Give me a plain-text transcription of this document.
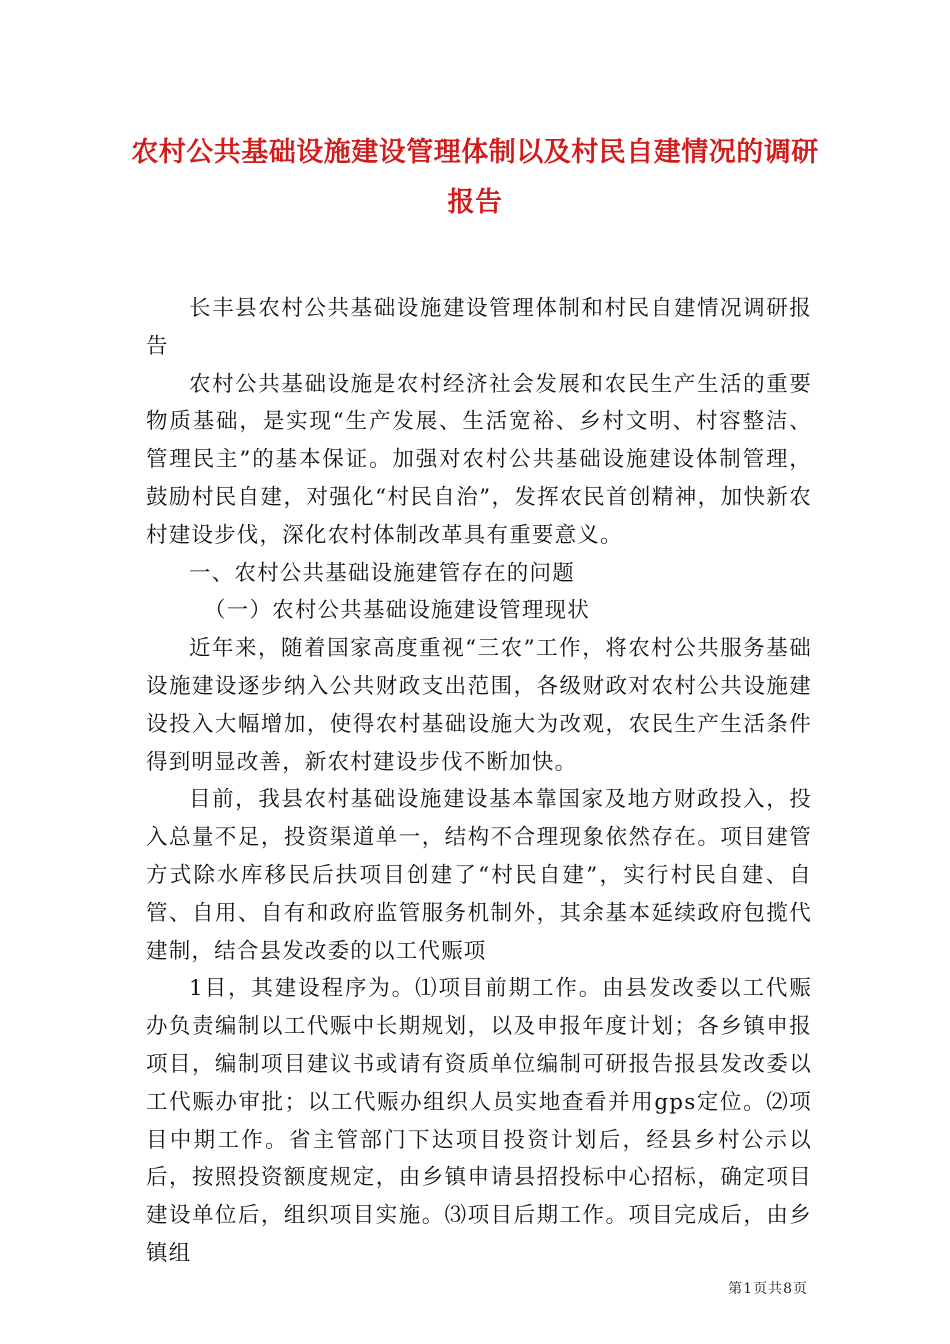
农村公共基础设施建设管理体制以及村民自建情况的调研报告

长丰县农村公共基础设施建设管理体制和村民自建情况调研报告

农村公共基础设施是农村经济社会发展和农民生产生活的重要物质基础，是实现“生产发展、生活宽裕、乡村文明、村容整洁、管理民主”的基本保证。加强对农村公共基础设施建设体制管理，鼓励村民自建，对强化“村民自治”，发挥农民首创精神，加快新农村建设步伐，深化农村体制改革具有重要意义。

一、农村公共基础设施建管存在的问题

（一）农村公共基础设施建设管理现状

近年来，随着国家高度重视“三农”工作，将农村公共服务基础设施建设逐步纳入公共财政支出范围，各级财政对农村公共设施建设投入大幅增加，使得农村基础设施大为改观，农民生产生活条件得到明显改善，新农村建设步伐不断加快。

目前，我县农村基础设施建设基本靠国家及地方财政投入，投入总量不足，投资渠道单一，结构不合理现象依然存在。项目建管方式除水库移民后扶项目创建了“村民自建”，实行村民自建、自管、自用、自有和政府监管服务机制外，其余基本延续政府包揽代建制，结合县发改委的以工代赈项

1目，其建设程序为。⑴项目前期工作。由县发改委以工代赈办负责编制以工代赈中长期规划，以及申报年度计划；各乡镇申报项目，编制项目建议书或请有资质单位编制可研报告报县发改委以工代赈办审批；以工代赈办组织人员实地查看并用gps定位。⑵项目中期工作。省主管部门下达项目投资计划后，经县乡村公示以后，按照投资额度规定，由乡镇申请县招投标中心招标，确定项目建设单位后，组织项目实施。⑶项目后期工作。项目完成后，由乡镇组

第1页共8页
